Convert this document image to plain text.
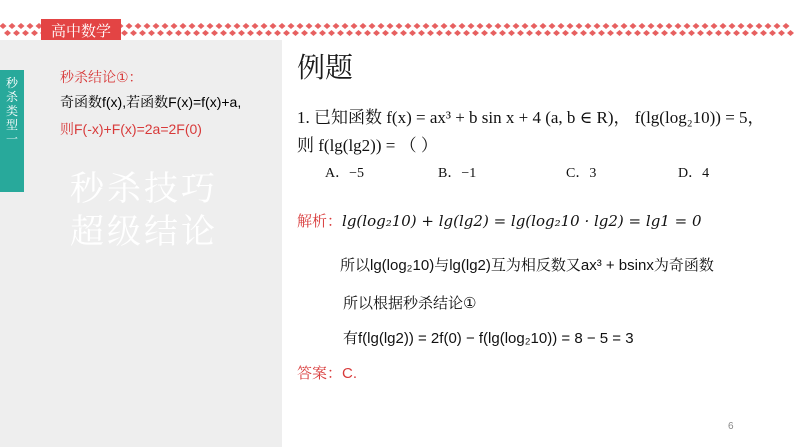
高中数学
秒杀类型一
秒杀结论①：
奇函数f(x),若函数F(x)=f(x)+a,
则F(-x)+F(x)=2a=2F(0)
秒杀技巧
超级结论
例题
1. 已知函数 f(x) = ax³ + b sin x + 4 (a, b ∈ R)， f(lg(log₂10)) = 5，
则 f(lg(lg2)) = （ ）
A．−5	B．−1	C．3	D．4
解析：lg(log₂10) + lg(lg2) = lg(log₂10 · lg2) = lg1 = 0
所以lg(log₂10)与lg(lg2)互为相反数又ax³ + bsinx为奇函数
所以根据秒杀结论①
有f(lg(lg2)) = 2f(0) − f(lg(log₂10)) = 8 − 5 = 3
答案：C.
6
